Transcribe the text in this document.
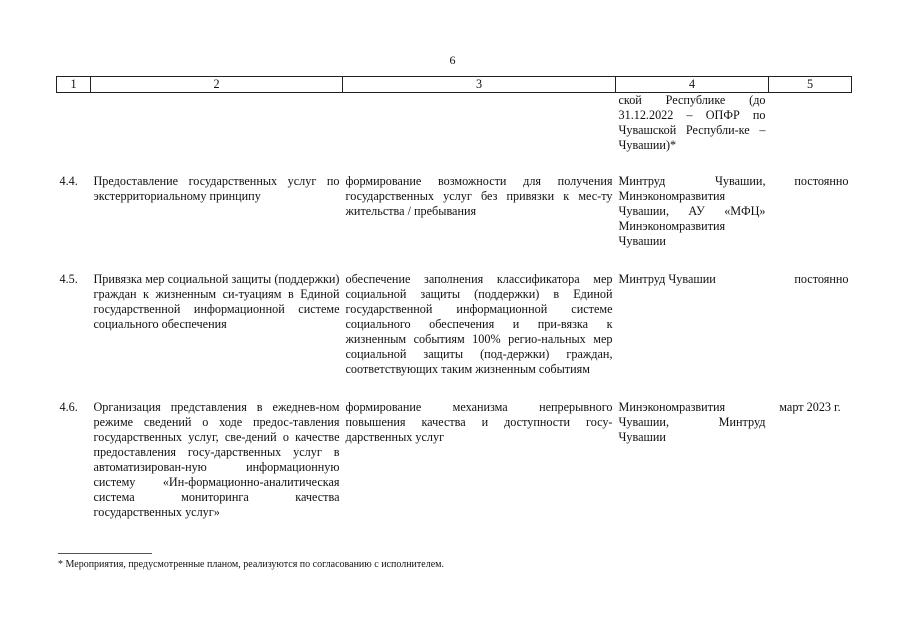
6
1	2	3	4	5
			ской Республике (до 31.12.2022 – ОПФР по Чувашской Республи-ке – Чувашии)*	
4.4.	Предоставление государственных услуг по экстерриториальному принципу	формирование возможности для получения государственных услуг без привязки к мес-ту жительства / пребывания	Минтруд Чувашии, Минэкономразвития Чувашии, АУ «МФЦ» Минэкономразвития Чувашии	постоянно
4.5.	Привязка мер социальной защиты (поддержки) граждан к жизненным си-туациям в Единой государственной информационной системе социального обеспечения	обеспечение заполнения классификатора мер социальной защиты (поддержки) в Единой государственной информационной системе социального обеспечения и при-вязка к жизненным событиям 100% регио-нальных мер социальной защиты (под-держки) граждан, соответствующих таким жизненным событиям	Минтруд Чувашии	постоянно
4.6.	Организация представления в ежеднев-ном режиме сведений о ходе предос-тавления государственных услуг, све-дений о качестве предоставления госу-дарственных услуг в автоматизирован-ную информационную систему «Ин-формационно-аналитическая система мониторинга качества государственных услуг»	формирование механизма непрерывного повышения качества и доступности госу-дарственных услуг	Минэкономразвития Чувашии, Минтруд Чувашии	март 2023 г.
* Мероприятия, предусмотренные планом, реализуются по согласованию с исполнителем.
